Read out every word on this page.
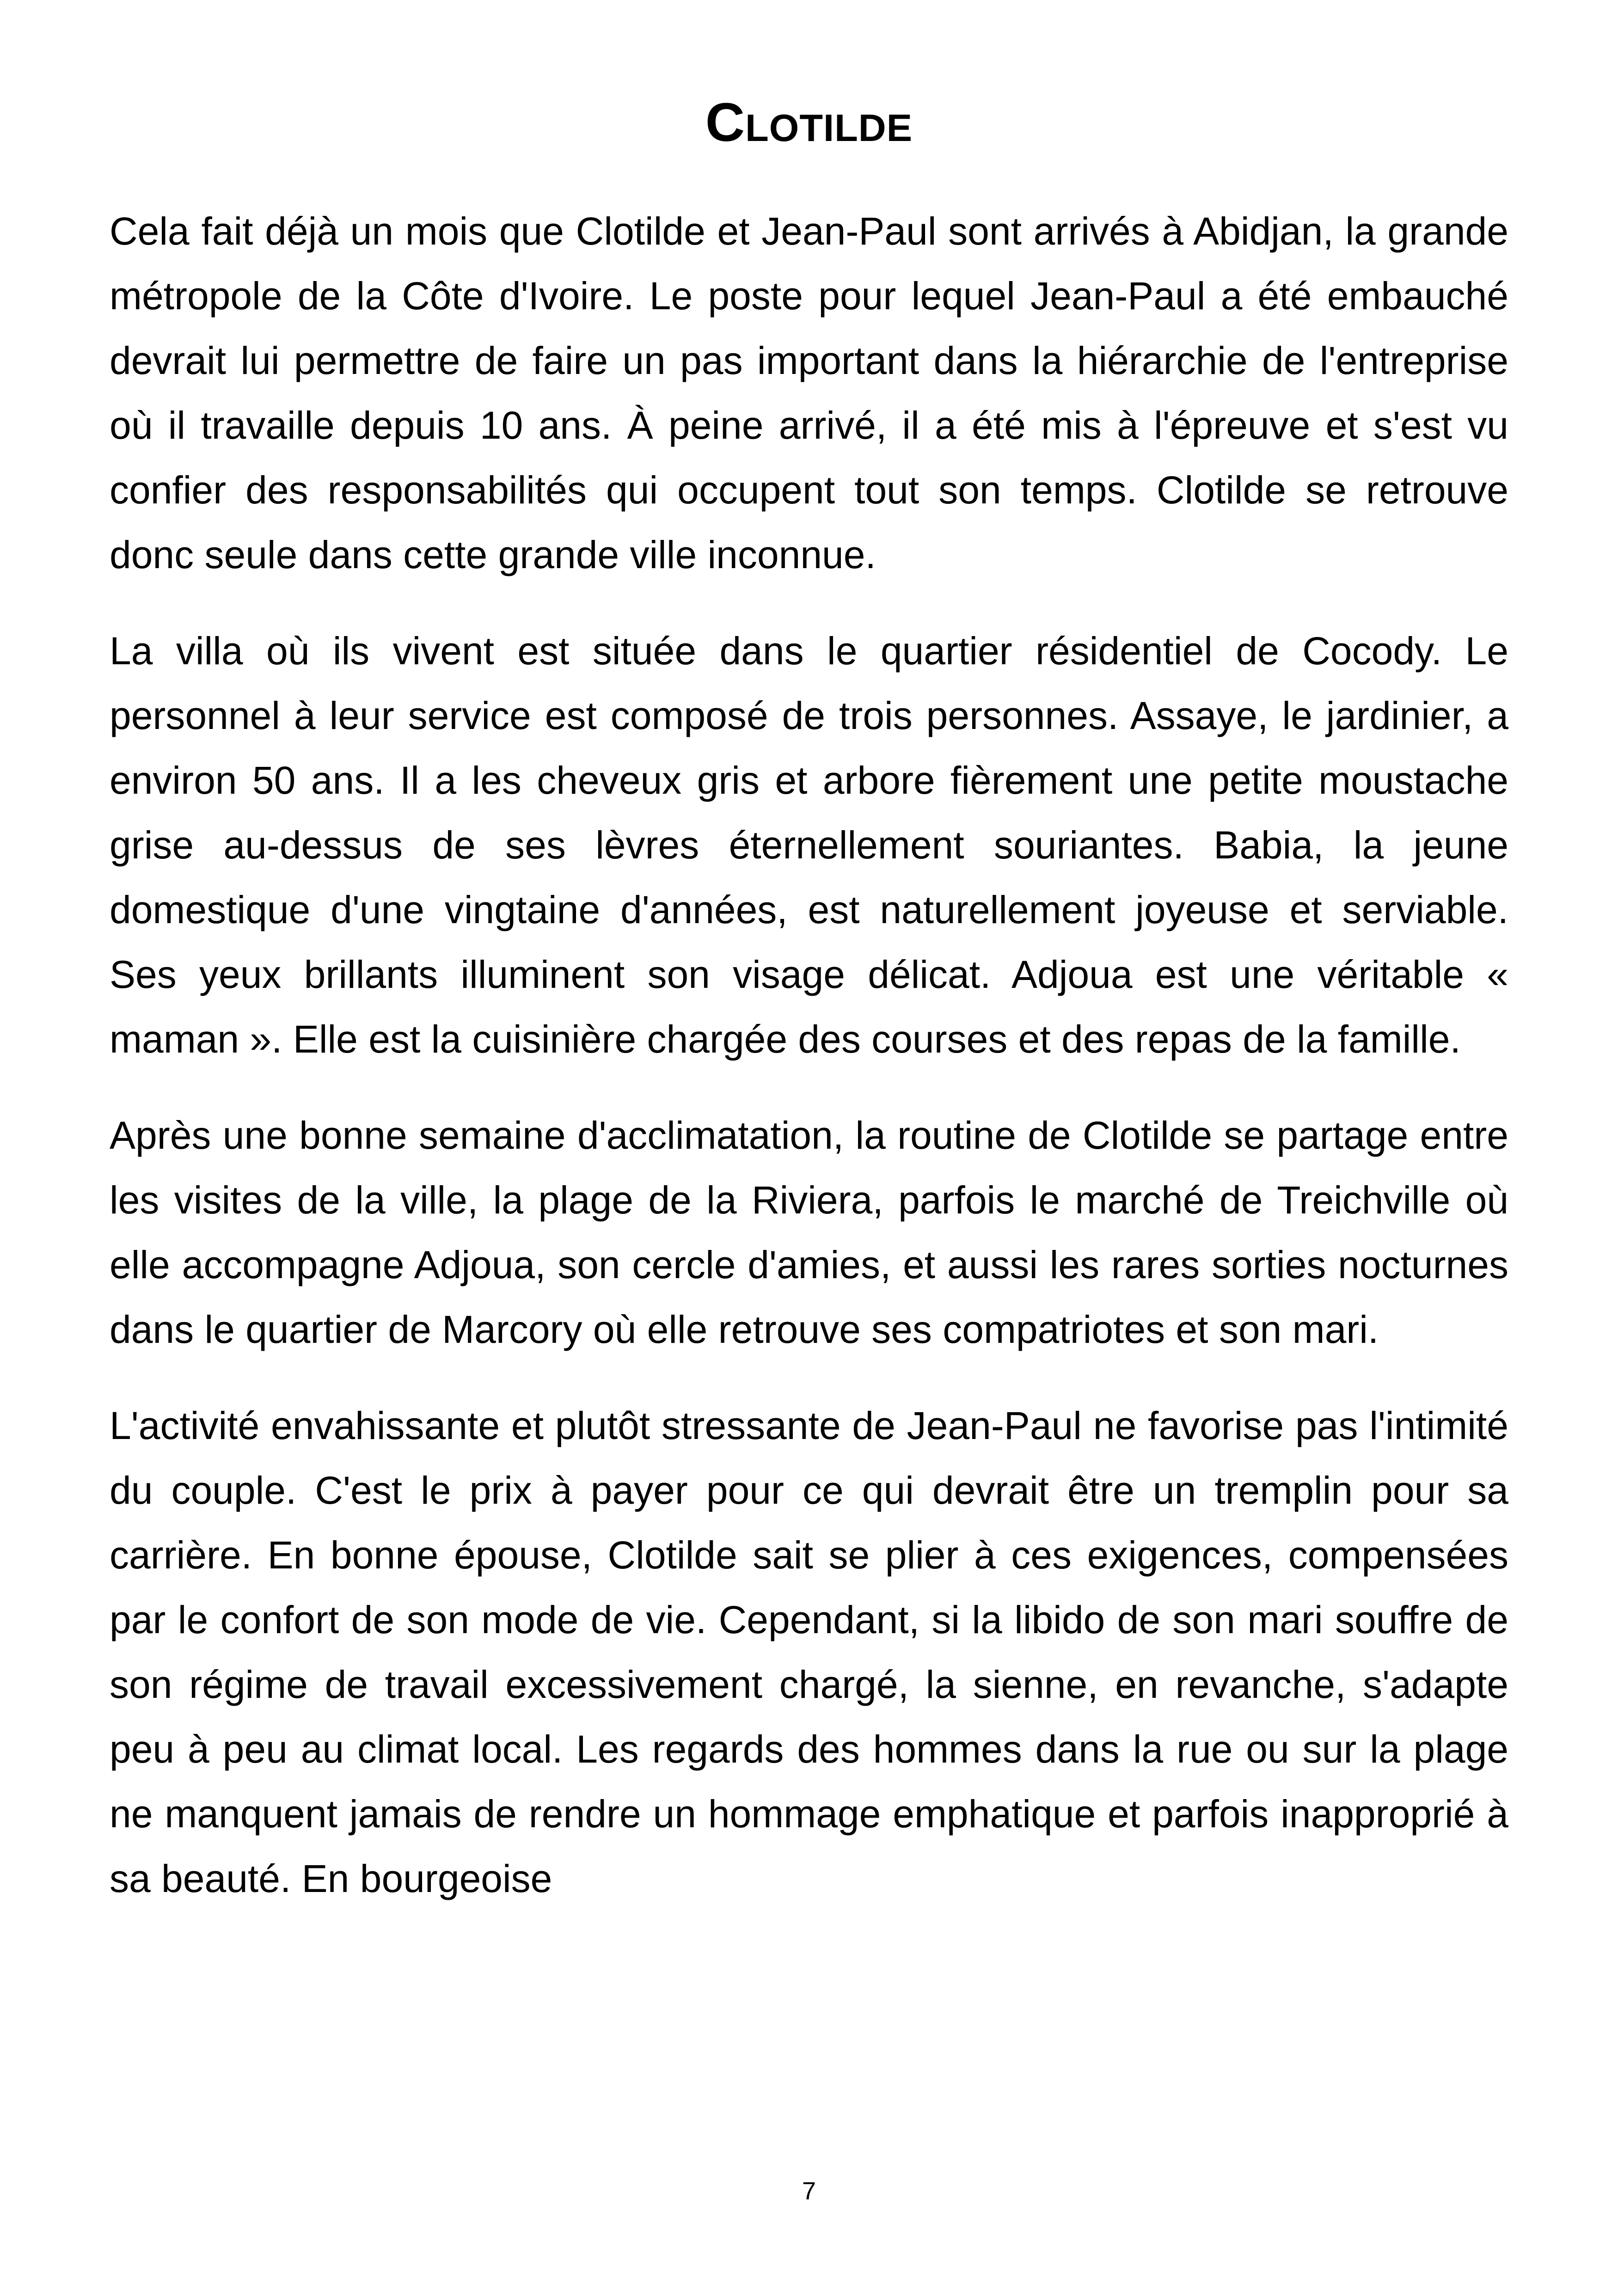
Clotilde

Cela fait déjà un mois que Clotilde et Jean-Paul sont arrivés à Abidjan, la grande métropole de la Côte d'Ivoire. Le poste pour lequel Jean-Paul a été embauché devrait lui permettre de faire un pas important dans la hiérarchie de l'entreprise où il travaille depuis 10 ans. À peine arrivé, il a été mis à l'épreuve et s'est vu confier des responsabilités qui occupent tout son temps. Clotilde se retrouve donc seule dans cette grande ville inconnue.

La villa où ils vivent est située dans le quartier résidentiel de Cocody. Le personnel à leur service est composé de trois personnes. Assaye, le jardinier, a environ 50 ans. Il a les cheveux gris et arbore fièrement une petite moustache grise au-dessus de ses lèvres éternellement souriantes. Babia, la jeune domestique d'une vingtaine d'années, est naturellement joyeuse et serviable. Ses yeux brillants illuminent son visage délicat. Adjoua est une véritable « maman ». Elle est la cuisinière chargée des courses et des repas de la famille.

Après une bonne semaine d'acclimatation, la routine de Clotilde se partage entre les visites de la ville, la plage de la Riviera, parfois le marché de Treichville où elle accompagne Adjoua, son cercle d'amies, et aussi les rares sorties nocturnes dans le quartier de Marcory où elle retrouve ses compatriotes et son mari.

L'activité envahissante et plutôt stressante de Jean-Paul ne favorise pas l'intimité du couple. C'est le prix à payer pour ce qui devrait être un tremplin pour sa carrière. En bonne épouse, Clotilde sait se plier à ces exigences, compensées par le confort de son mode de vie. Cependant, si la libido de son mari souffre de son régime de travail excessivement chargé, la sienne, en revanche, s'adapte peu à peu au climat local. Les regards des hommes dans la rue ou sur la plage ne manquent jamais de rendre un hommage emphatique et parfois inapproprié à sa beauté. En bourgeoise

7
